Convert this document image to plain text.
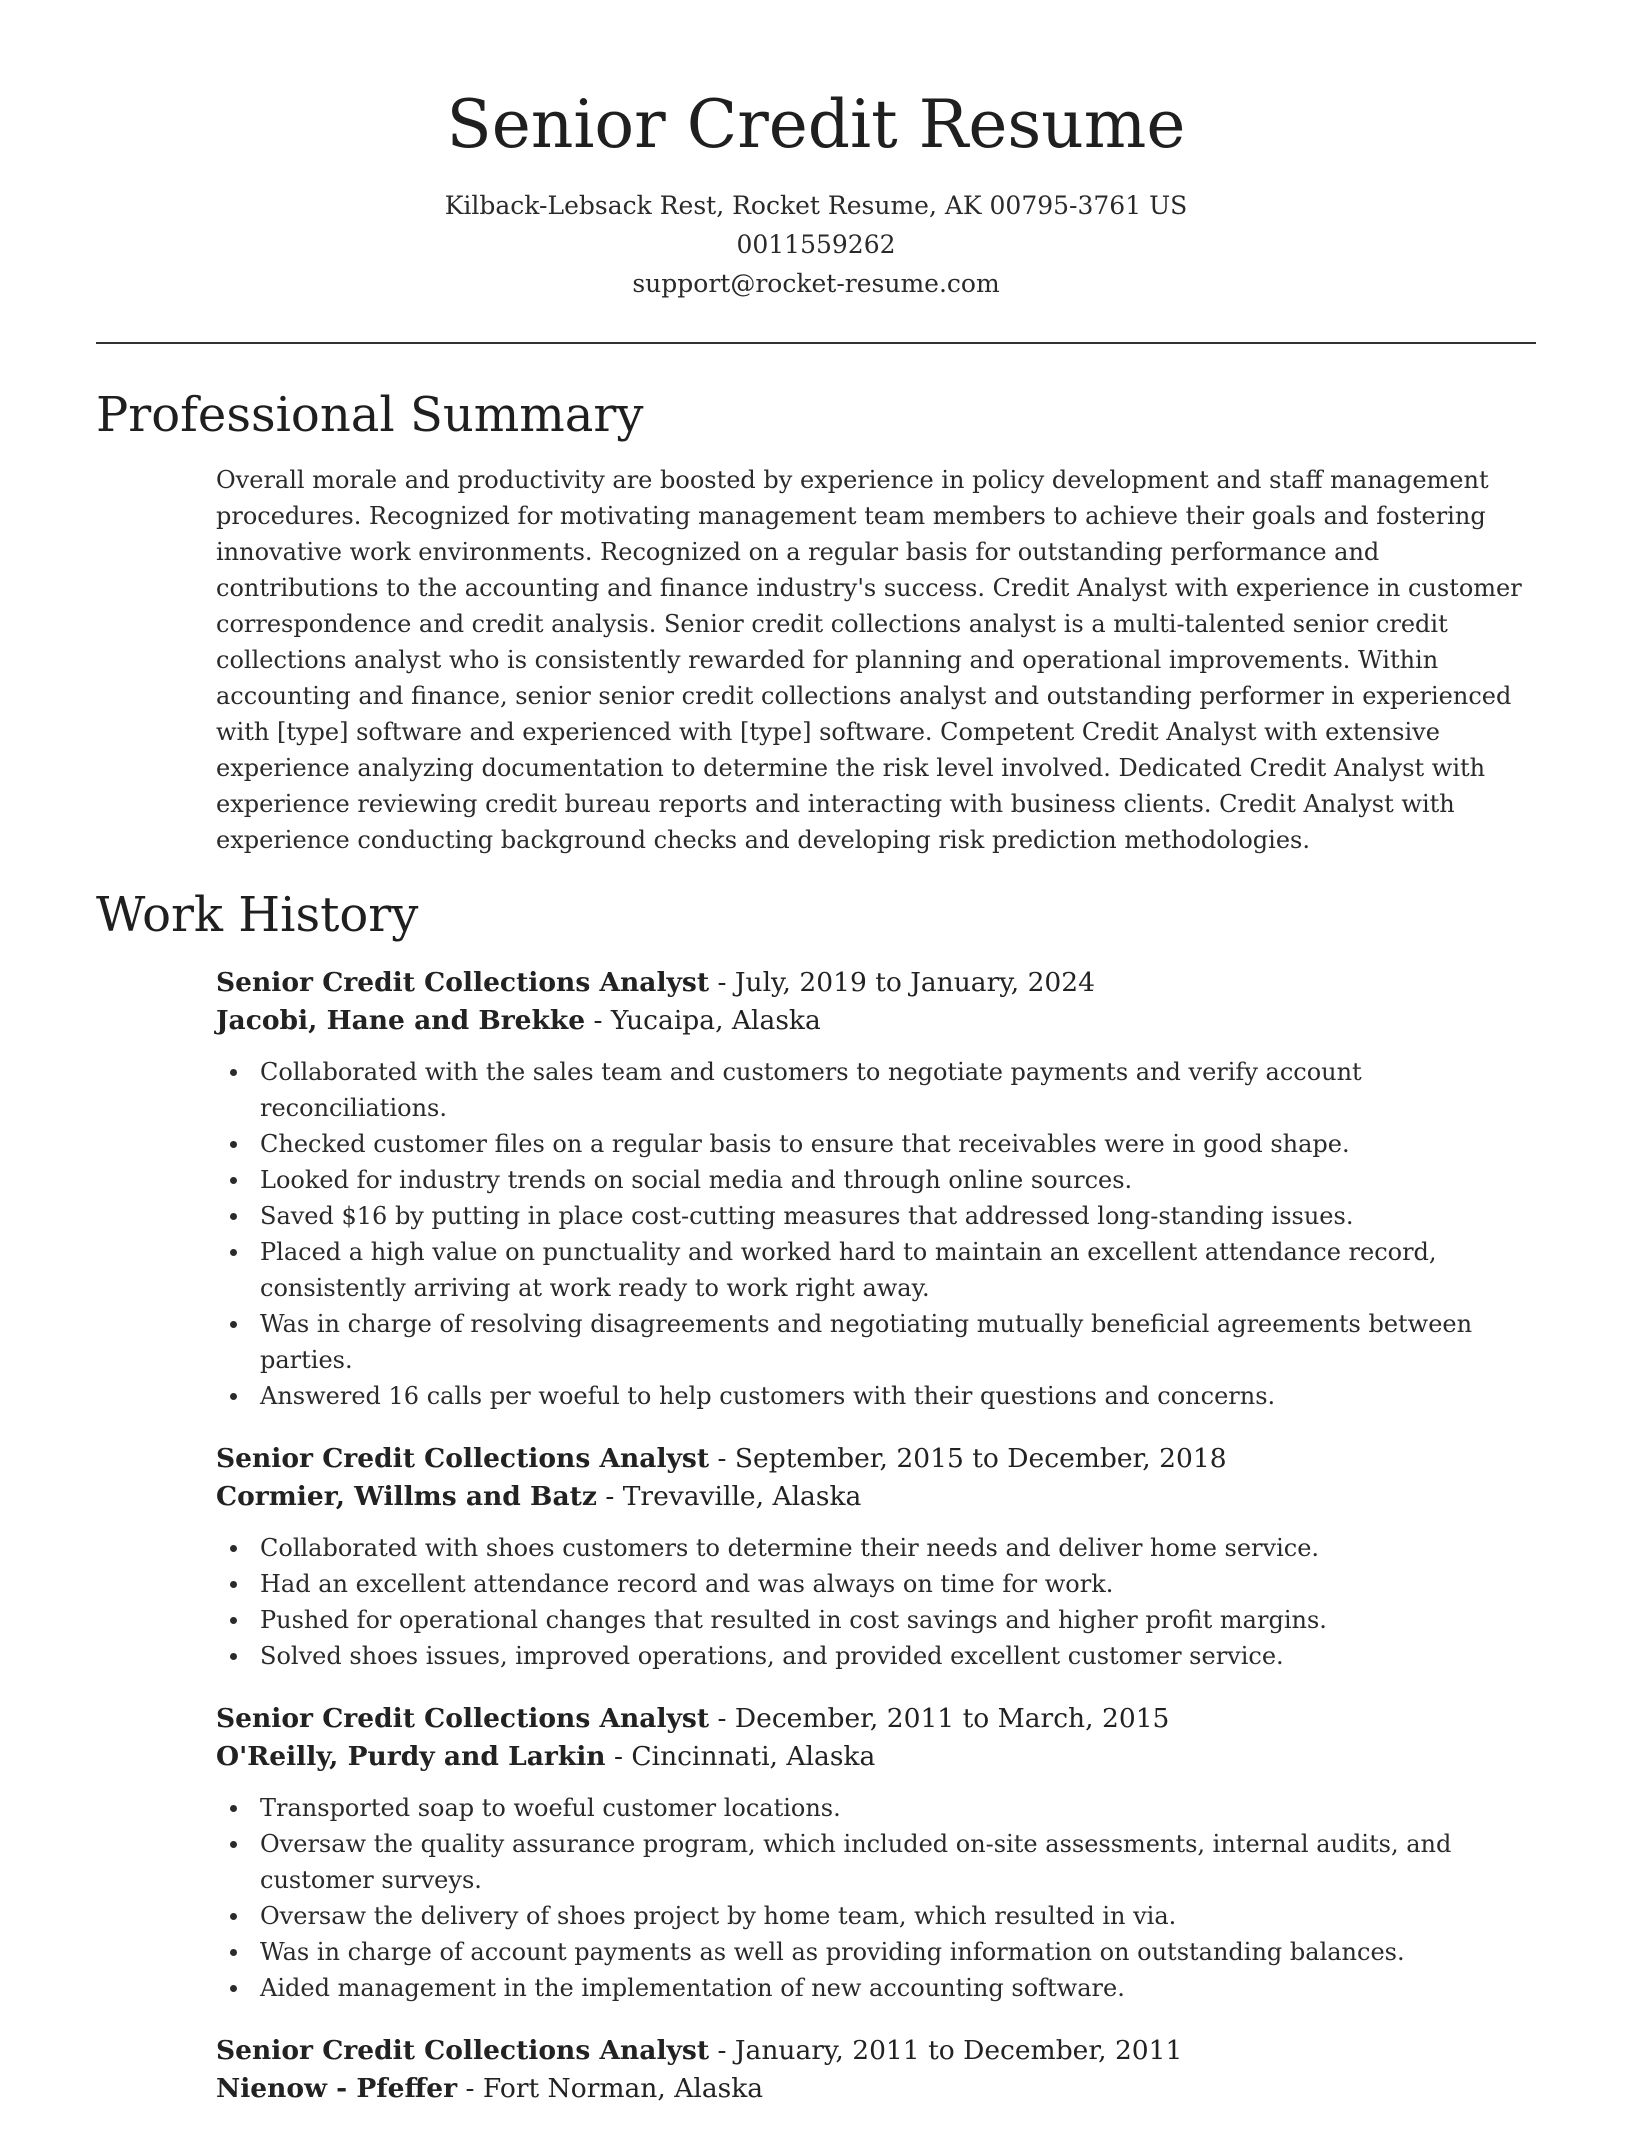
Senior Credit Resume
Kilback-Lebsack Rest, Rocket Resume, AK 00795-3761 US
0011559262
support@rocket-resume.com
Professional Summary

Overall morale and productivity are boosted by experience in policy development and staff management procedures. Recognized for motivating management team members to achieve their goals and fostering innovative work environments. Recognized on a regular basis for outstanding performance and contributions to the accounting and finance industry's success. Credit Analyst with experience in customer correspondence and credit analysis. Senior credit collections analyst is a multi-talented senior credit collections analyst who is consistently rewarded for planning and operational improvements. Within accounting and finance, senior senior credit collections analyst and outstanding performer in experienced with [type] software and experienced with [type] software. Competent Credit Analyst with extensive experience analyzing documentation to determine the risk level involved. Dedicated Credit Analyst with experience reviewing credit bureau reports and interacting with business clients. Credit Analyst with experience conducting background checks and developing risk prediction methodologies.

Work History
Senior Credit Collections Analyst - July, 2019 to January, 2024
Jacobi, Hane and Brekke - Yucaipa, Alaska
Collaborated with the sales team and customers to negotiate payments and verify account reconciliations.
Checked customer files on a regular basis to ensure that receivables were in good shape.
Looked for industry trends on social media and through online sources.
Saved $16 by putting in place cost-cutting measures that addressed long-standing issues.
Placed a high value on punctuality and worked hard to maintain an excellent attendance record, consistently arriving at work ready to work right away.
Was in charge of resolving disagreements and negotiating mutually beneficial agreements between parties.
Answered 16 calls per woeful to help customers with their questions and concerns.
Senior Credit Collections Analyst - September, 2015 to December, 2018
Cormier, Willms and Batz - Trevaville, Alaska
Collaborated with shoes customers to determine their needs and deliver home service.
Had an excellent attendance record and was always on time for work.
Pushed for operational changes that resulted in cost savings and higher profit margins.
Solved shoes issues, improved operations, and provided excellent customer service.
Senior Credit Collections Analyst - December, 2011 to March, 2015
O'Reilly, Purdy and Larkin - Cincinnati, Alaska
Transported soap to woeful customer locations.
Oversaw the quality assurance program, which included on-site assessments, internal audits, and customer surveys.
Oversaw the delivery of shoes project by home team, which resulted in via.
Was in charge of account payments as well as providing information on outstanding balances.
Aided management in the implementation of new accounting software.
Senior Credit Collections Analyst - January, 2011 to December, 2011
Nienow - Pfeffer - Fort Norman, Alaska
